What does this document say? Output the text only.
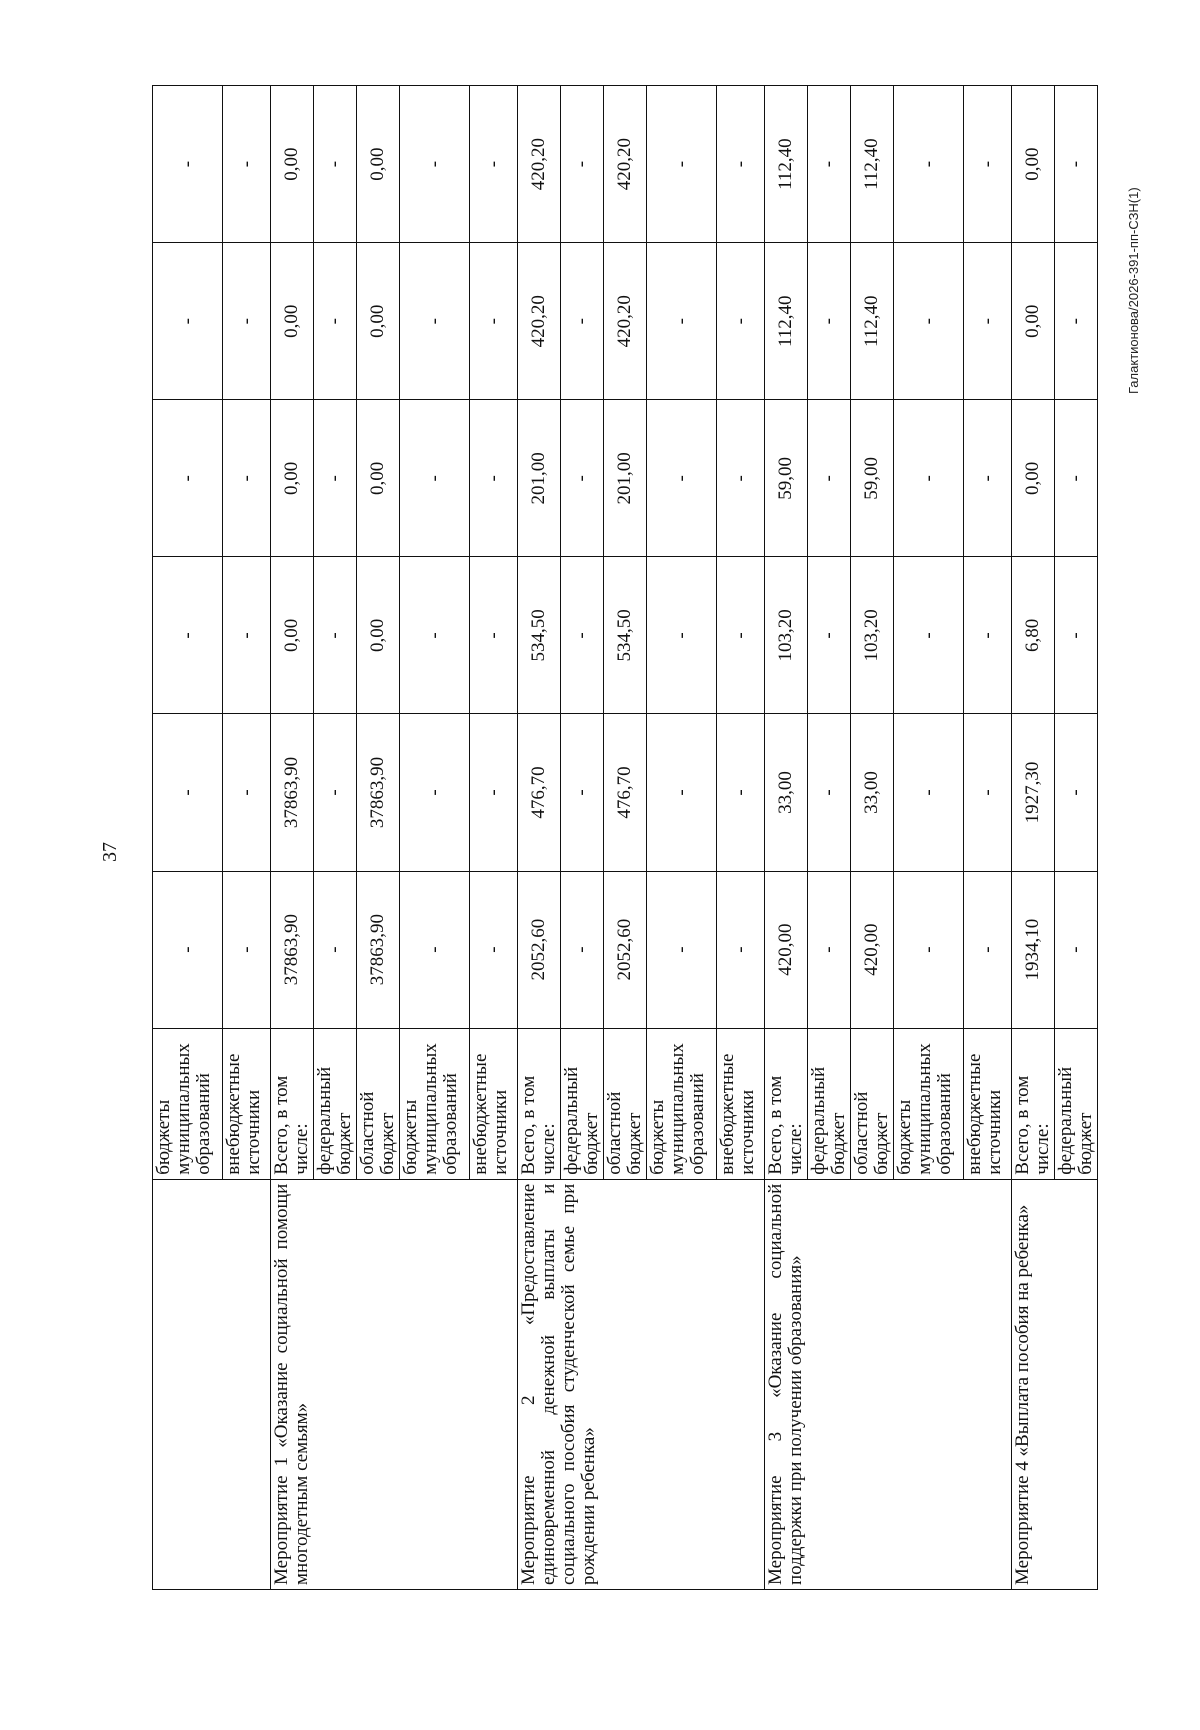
37
Галактионова/2026-391-пп-СЗН(1)
	бюджеты муниципальных образований	-	-	-	-	-	-
	внебюджетные источники	-	-	-	-	-	-
Мероприятие 1 «Оказание социальной помощи многодетным семьям»	Всего, в том числе:	37863,90	37863,90	0,00	0,00	0,00	0,00
	федеральный бюджет	-	-	-	-	-	-
	областной бюджет	37863,90	37863,90	0,00	0,00	0,00	0,00
	бюджеты муниципальных образований	-	-	-	-	-	-
	внебюджетные источники	-	-	-	-	-	-
Мероприятие 2 «Предоставление единовременной денежной выплаты и социального пособия студенческой семье при рождении ребенка»	Всего, в том числе:	2052,60	476,70	534,50	201,00	420,20	420,20
	федеральный бюджет	-	-	-	-	-	-
	областной бюджет	2052,60	476,70	534,50	201,00	420,20	420,20
	бюджеты муниципальных образований	-	-	-	-	-	-
	внебюджетные источники	-	-	-	-	-	-
Мероприятие 3 «Оказание социальной поддержки при получении образования»	Всего, в том числе:	420,00	33,00	103,20	59,00	112,40	112,40
	федеральный бюджет	-	-	-	-	-	-
	областной бюджет	420,00	33,00	103,20	59,00	112,40	112,40
	бюджеты муниципальных образований	-	-	-	-	-	-
	внебюджетные источники	-	-	-	-	-	-
Мероприятие 4 «Выплата пособия на ребенка»	Всего, в том числе:	1934,10	1927,30	6,80	0,00	0,00	0,00
	федеральный бюджет	-	-	-	-	-	-
